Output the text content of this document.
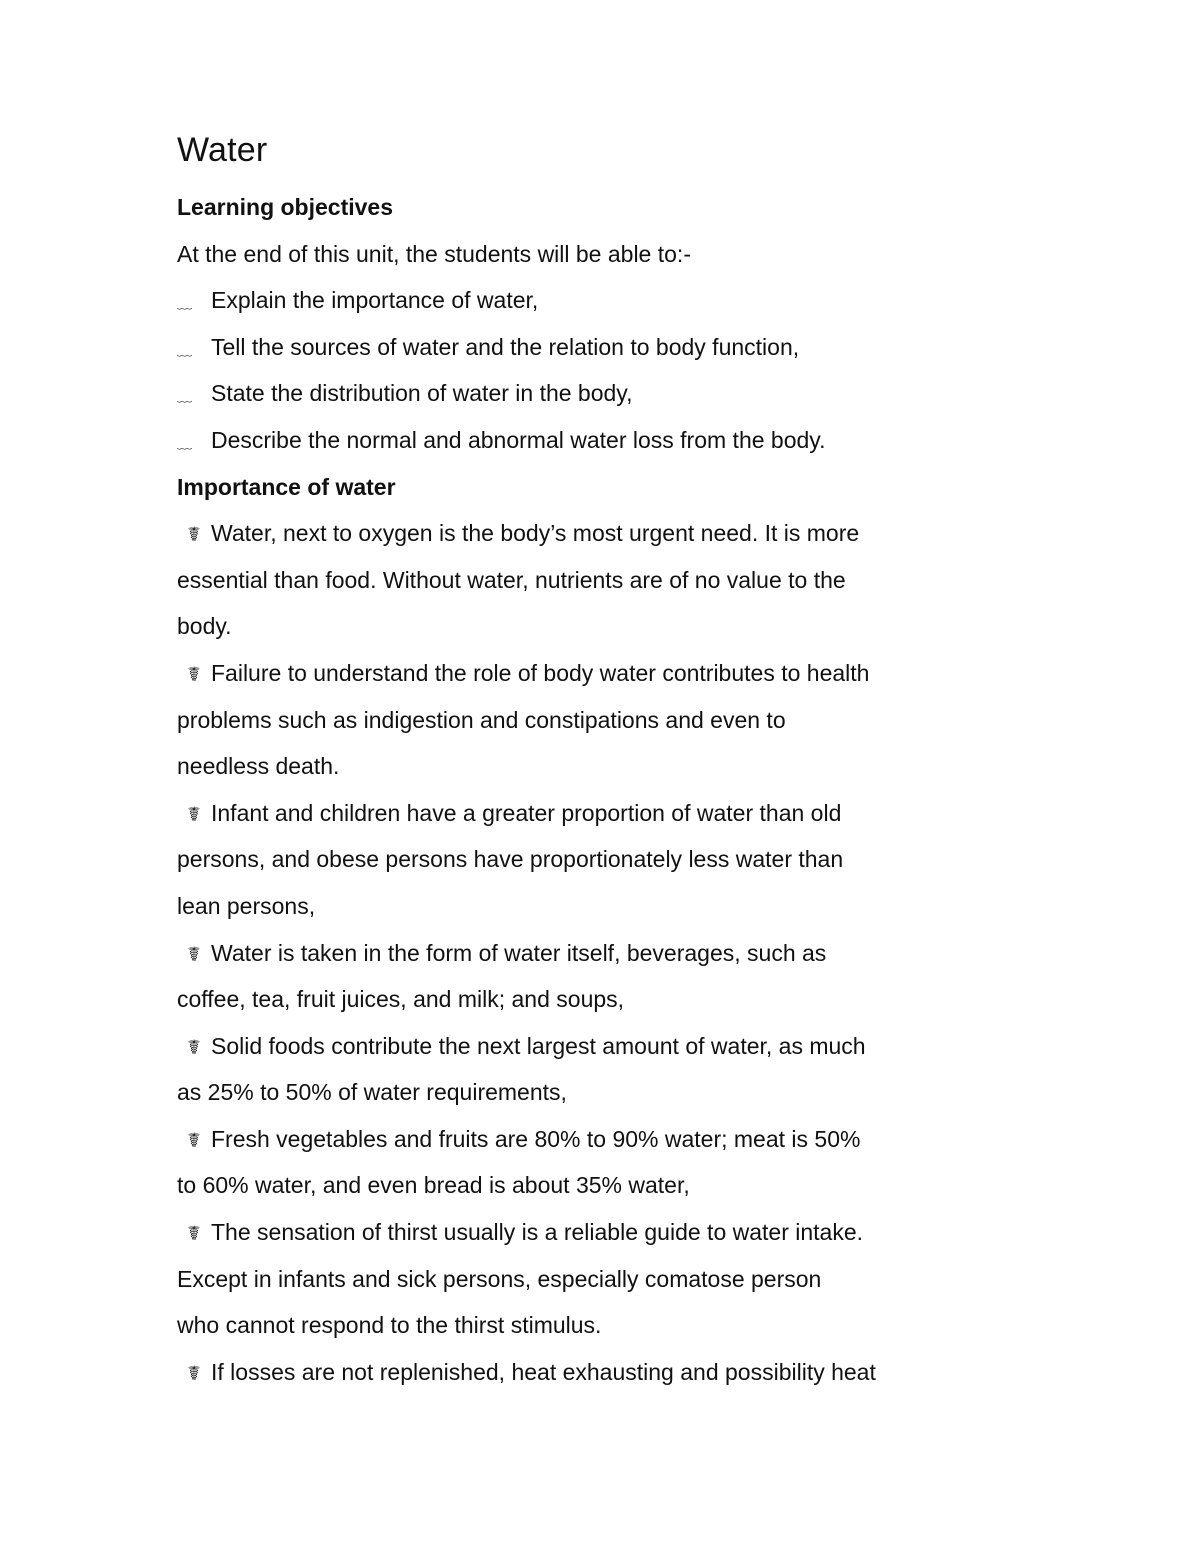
Water
Learning objectives
At the end of this unit, the students will be able to:-
﹏ Explain the importance of water,
﹏ Tell the sources of water and the relation to body function,
﹏ State the distribution of water in the body,
﹏ Describe the normal and abnormal water loss from the body.
Importance of water
☤ Water, next to oxygen is the body’s most urgent need. It is more
essential than food. Without water, nutrients are of no value to the
body.
☤ Failure to understand the role of body water contributes to health
problems such as indigestion and constipations and even to
needless death.
☤ Infant and children have a greater proportion of water than old
persons, and obese persons have proportionately less water than
lean persons,
☤ Water is taken in the form of water itself, beverages, such as
coffee, tea, fruit juices, and milk; and soups,
☤ Solid foods contribute the next largest amount of water, as much
as 25% to 50% of water requirements,
☤ Fresh vegetables and fruits are 80% to 90% water; meat is 50%
to 60% water, and even bread is about 35% water,
☤ The sensation of thirst usually is a reliable guide to water intake.
Except in infants and sick persons, especially comatose person
who cannot respond to the thirst stimulus.
☤ If losses are not replenished, heat exhausting and possibility heat
